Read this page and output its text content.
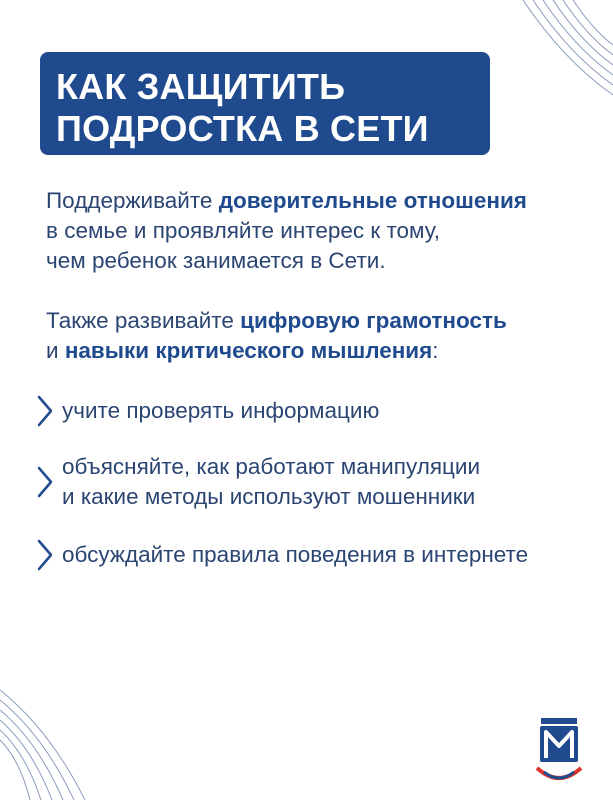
КАК ЗАЩИТИТЬ
ПОДРОСТКА В СЕТИ

Поддерживайте доверительные отношения
в семье и проявляйте интерес к тому,
чем ребенок занимается в Сети.

Также развивайте цифровую грамотность
и навыки критического мышления:

учите проверять информацию
объясняйте, как работают манипуляции
и какие методы используют мошенники
обсуждайте правила поведения в интернете
